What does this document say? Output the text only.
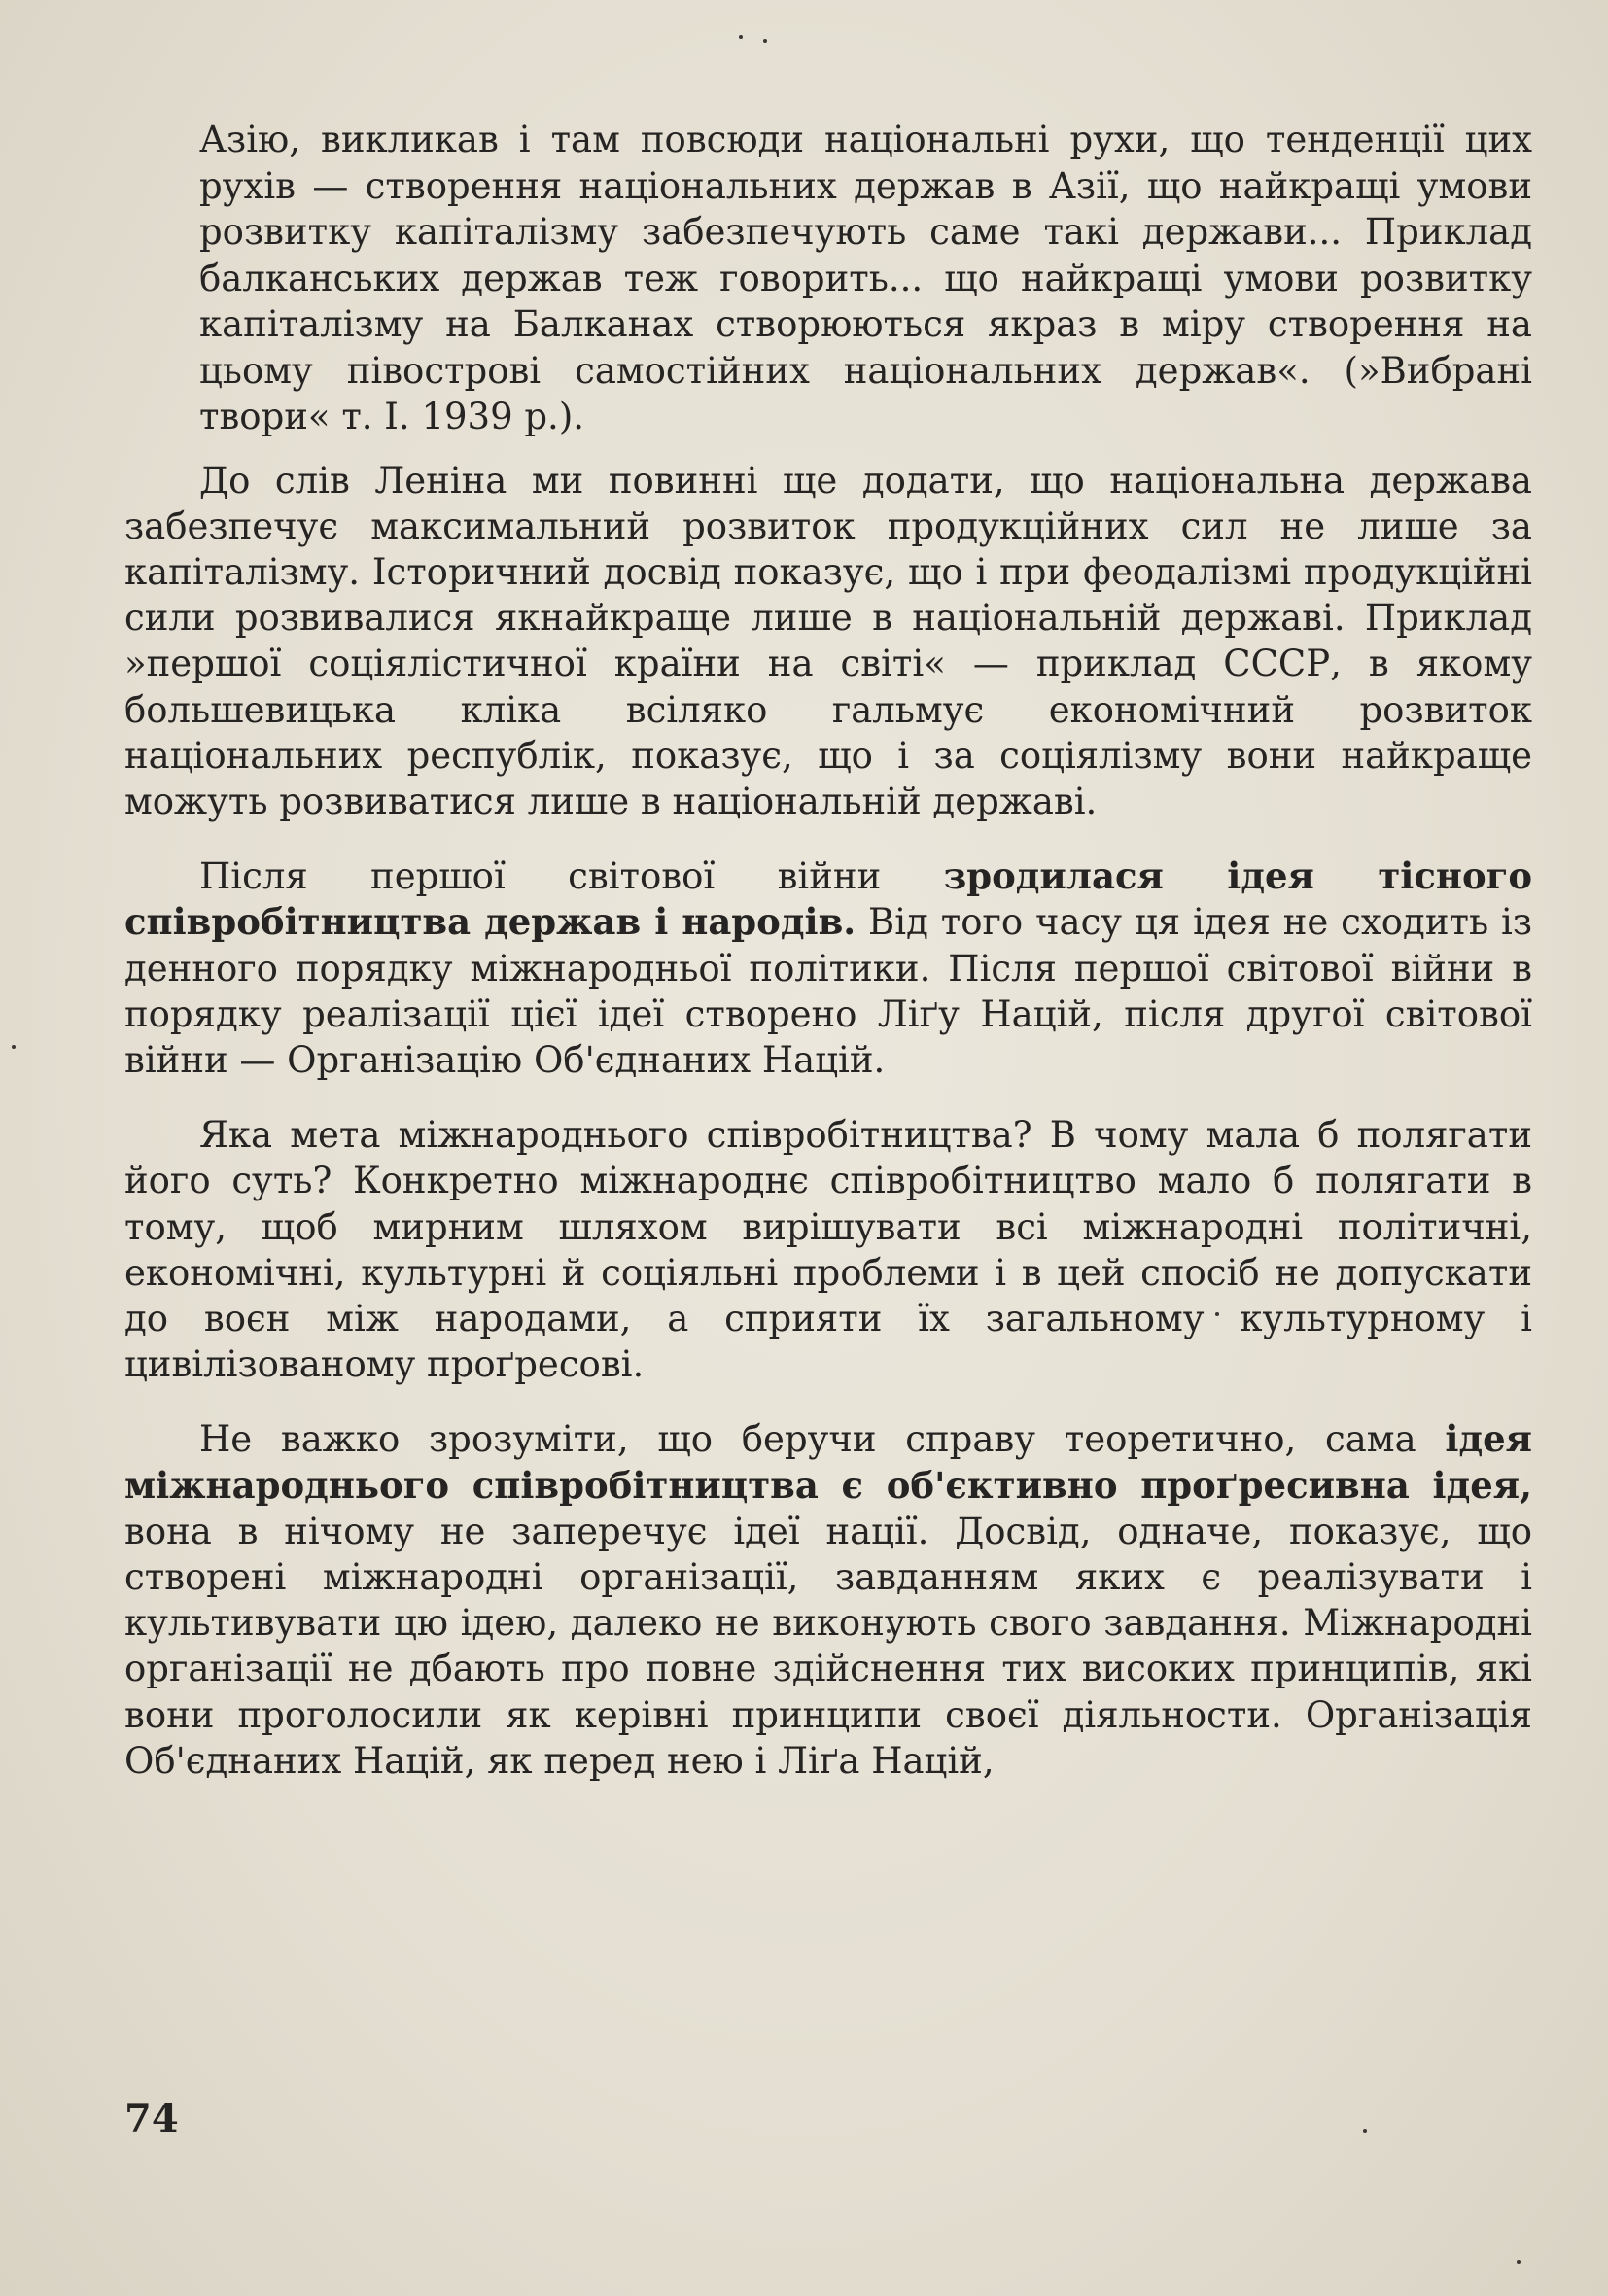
Азію, викликав і там повсюди національні рухи, що тенденції цих рухів — створення національних держав в Азії, що найкращі умови розвитку капіталізму забезпечують саме такі держави... Приклад балканських держав теж говорить... що найкращі умови розвитку капіталізму на Балканах створюються якраз в міру створення на цьому півострові самостійних національних держав«. (»Вибрані твори« т. І. 1939 р.).

До слів Леніна ми повинні ще додати, що національна держава забезпечує максимальний розвиток продукційних сил не лише за капіталізму. Історичний досвід показує, що і при феодалізмі продукційні сили розвивалися якнайкраще лише в національній державі. Приклад »першої соціялістичної країни на світі« — приклад СССР, в якому большевицька кліка всіляко гальмує економічний розвиток національних республік, показує, що і за соціялізму вони найкраще можуть розвиватися лише в національній державі.

Після першої світової війни зродилася ідея тісного співробітництва держав і народів. Від того часу ця ідея не сходить із денного порядку міжнародньої політики. Після першої світової війни в порядку реалізації цієї ідеї створено Ліґу Націй, після другої світової війни — Організацію Об'єднаних Націй.

Яка мета міжнароднього співробітництва? В чому мала б полягати його суть? Конкретно міжнароднє співробітництво мало б полягати в тому, щоб мирним шляхом вирішувати всі міжнародні політичні, економічні, культурні й соціяльні проблеми і в цей спосіб не допускати до воєн між народами, а сприяти їх загальному культурному і цивілізованому проґресові.

Не важко зрозуміти, що беручи справу теоретично, сама ідея міжнароднього співробітництва є об'єктивно проґресивна ідея, вона в нічому не заперечує ідеї нації. Досвід, одначе, показує, що створені міжнародні організації, завданням яких є реалізувати і культивувати цю ідею, далеко не виконують свого завдання. Міжнародні організації не дбають про повне здійснення тих високих принципів, які вони проголосили як керівні принципи своєї діяльности. Організація Об'єднаних Націй, як перед нею і Ліґа Націй,

74
